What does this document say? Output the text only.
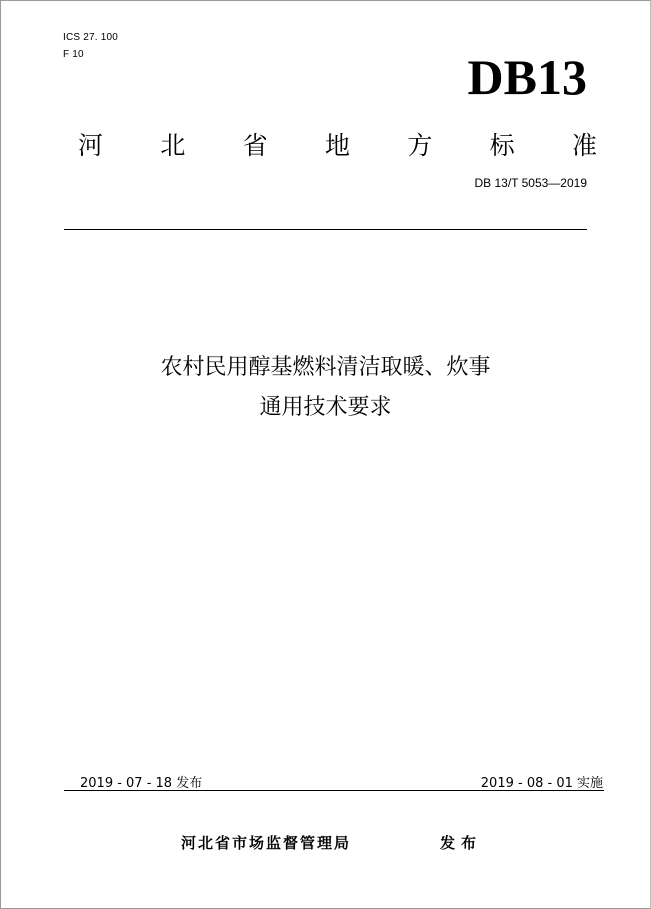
ICS 27. 100
F 10	DB13
河 北 省 地 方 标 准
DB 13/T 5053—2019
农村民用醇基燃料清洁取暖、炊事
通用技术要求
2019 - 07 - 18 发布	2019 - 08 - 01 实施
河北省市场监督管理局	发布
